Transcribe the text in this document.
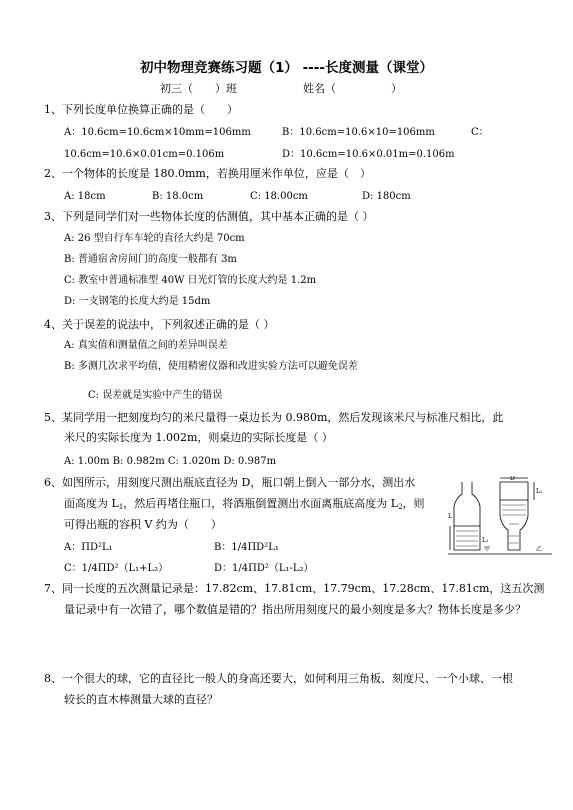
初中物理竞赛练习题（1） ----长度测量（课堂）
初三（　　）班	姓名（　　　　　）
1、下列长度单位换算正确的是（　　）
A：10.6cm=10.6cm×10mm=106mm	B：10.6cm=10.6×10=106mm	C：
10.6cm=10.6×0.01cm=0.106m	D：10.6cm=10.6×0.01m=0.106m
2、一个物体的长度是 180.0mm，若换用厘米作单位，应是（　）
A: 18cm	B: 18.0cm	C: 18.00cm	D: 180cm
3、下列是同学们对一些物体长度的估测值，其中基本正确的是（ ）
A: 26 型自行车车轮的直径大约是 70cm
B: 普通宿舍房间门的高度一般都有 3m
C: 教室中普通标准型 40W 日光灯管的长度大约是 1.2m
D: 一支钢笔的长度大约是 15dm
4、关于误差的说法中，下列叙述正确的是（ ）
A: 真实值和测量值之间的差异叫误差
B: 多测几次求平均值，使用精密仪器和改进实验方法可以避免误差
C: 误差就是实验中产生的错误
5、某同学用一把刻度均匀的米尺量得一桌边长为 0.980m，然后发现该米尺与标准尺相比，此
米尺的实际长度为 1.002m，则桌边的实际长度是（ ）
A: 1.00m B: 0.982m C: 1.020m D: 0.987m
6、如图所示，用刻度尺测出瓶底直径为 D，瓶口朝上倒入一部分水，测出水
面高度为 $L_1$，然后再堵住瓶口，将酒瓶倒置测出水面离瓶底高度为 $L_2$，则
可得出瓶的容积 V 约为（　　）
A：ΠD²L₁	B：1/4ΠD²L₁
C：1/4ΠD²（L₁+L₂）	D：1/4ΠD²（L₁-L₂）
D
L
L₁
L₂
甲	乙
7、同一长度的五次测量记录是：17.82cm、17.81cm、17.79cm、17.28cm、17.81cm，这五次测
量记录中有一次错了，哪个数值是错的？指出所用刻度尺的最小刻度是多大？物体长度是多少？
8、一个很大的球，它的直径比一般人的身高还要大，如何利用三角板、刻度尺、一个小球、一根
较长的直木棒测量大球的直径？
